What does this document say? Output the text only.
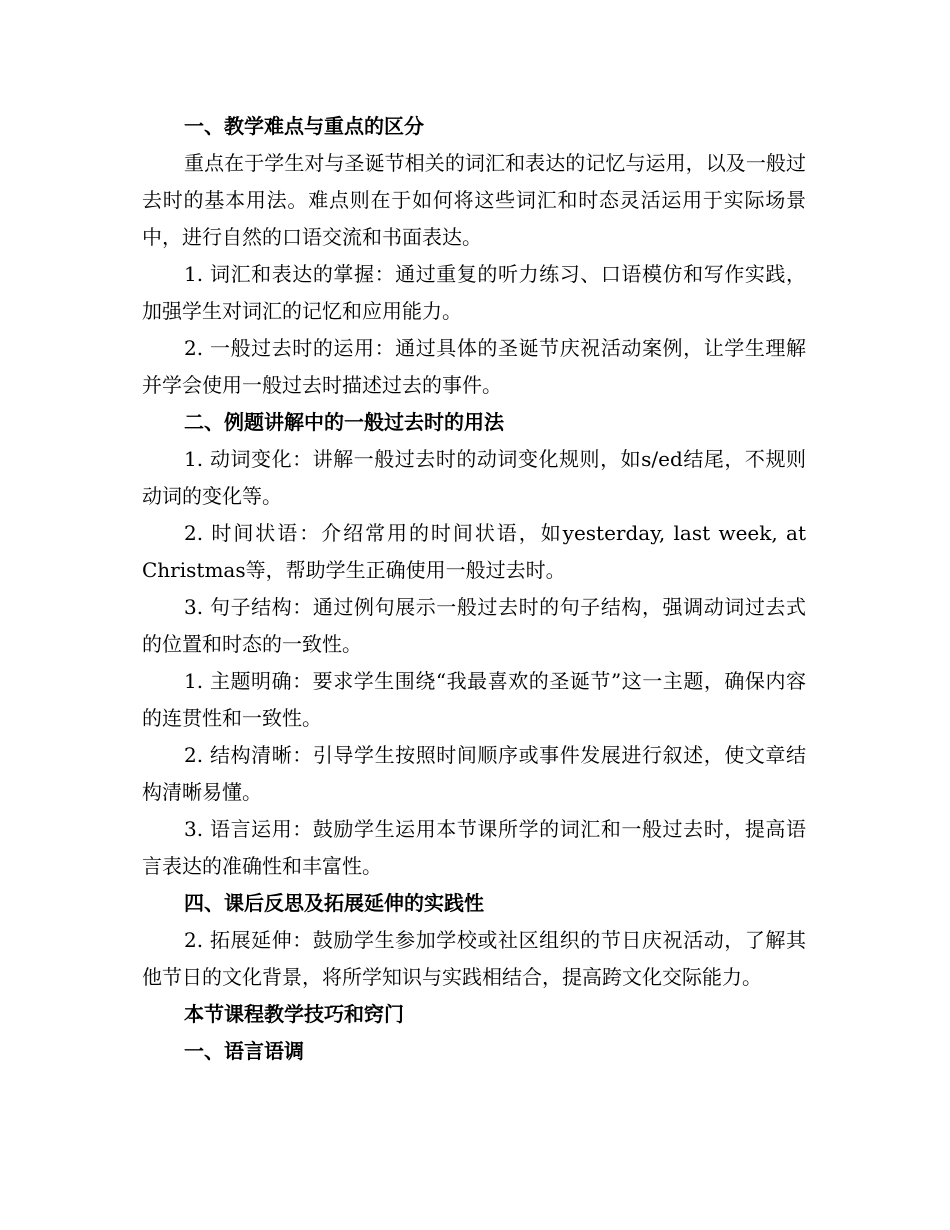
一、教学难点与重点的区分

重点在于学生对与圣诞节相关的词汇和表达的记忆与运用，以及一般过去时的基本用法。难点则在于如何将这些词汇和时态灵活运用于实际场景中，进行自然的口语交流和书面表达。

1. 词汇和表达的掌握：通过重复的听力练习、口语模仿和写作实践，加强学生对词汇的记忆和应用能力。

2. 一般过去时的运用：通过具体的圣诞节庆祝活动案例，让学生理解并学会使用一般过去时描述过去的事件。

二、例题讲解中的一般过去时的用法

1. 动词变化：讲解一般过去时的动词变化规则，如s/ed结尾，不规则动词的变化等。

2. 时间状语：介绍常用的时间状语，如yesterday, last week, at Christmas等，帮助学生正确使用一般过去时。

3. 句子结构：通过例句展示一般过去时的句子结构，强调动词过去式的位置和时态的一致性。

1. 主题明确：要求学生围绕“我最喜欢的圣诞节”这一主题，确保内容的连贯性和一致性。

2. 结构清晰：引导学生按照时间顺序或事件发展进行叙述，使文章结构清晰易懂。

3. 语言运用：鼓励学生运用本节课所学的词汇和一般过去时，提高语言表达的准确性和丰富性。

四、课后反思及拓展延伸的实践性

2. 拓展延伸：鼓励学生参加学校或社区组织的节日庆祝活动，了解其他节日的文化背景，将所学知识与实践相结合，提高跨文化交际能力。

本节课程教学技巧和窍门

一、语言语调
